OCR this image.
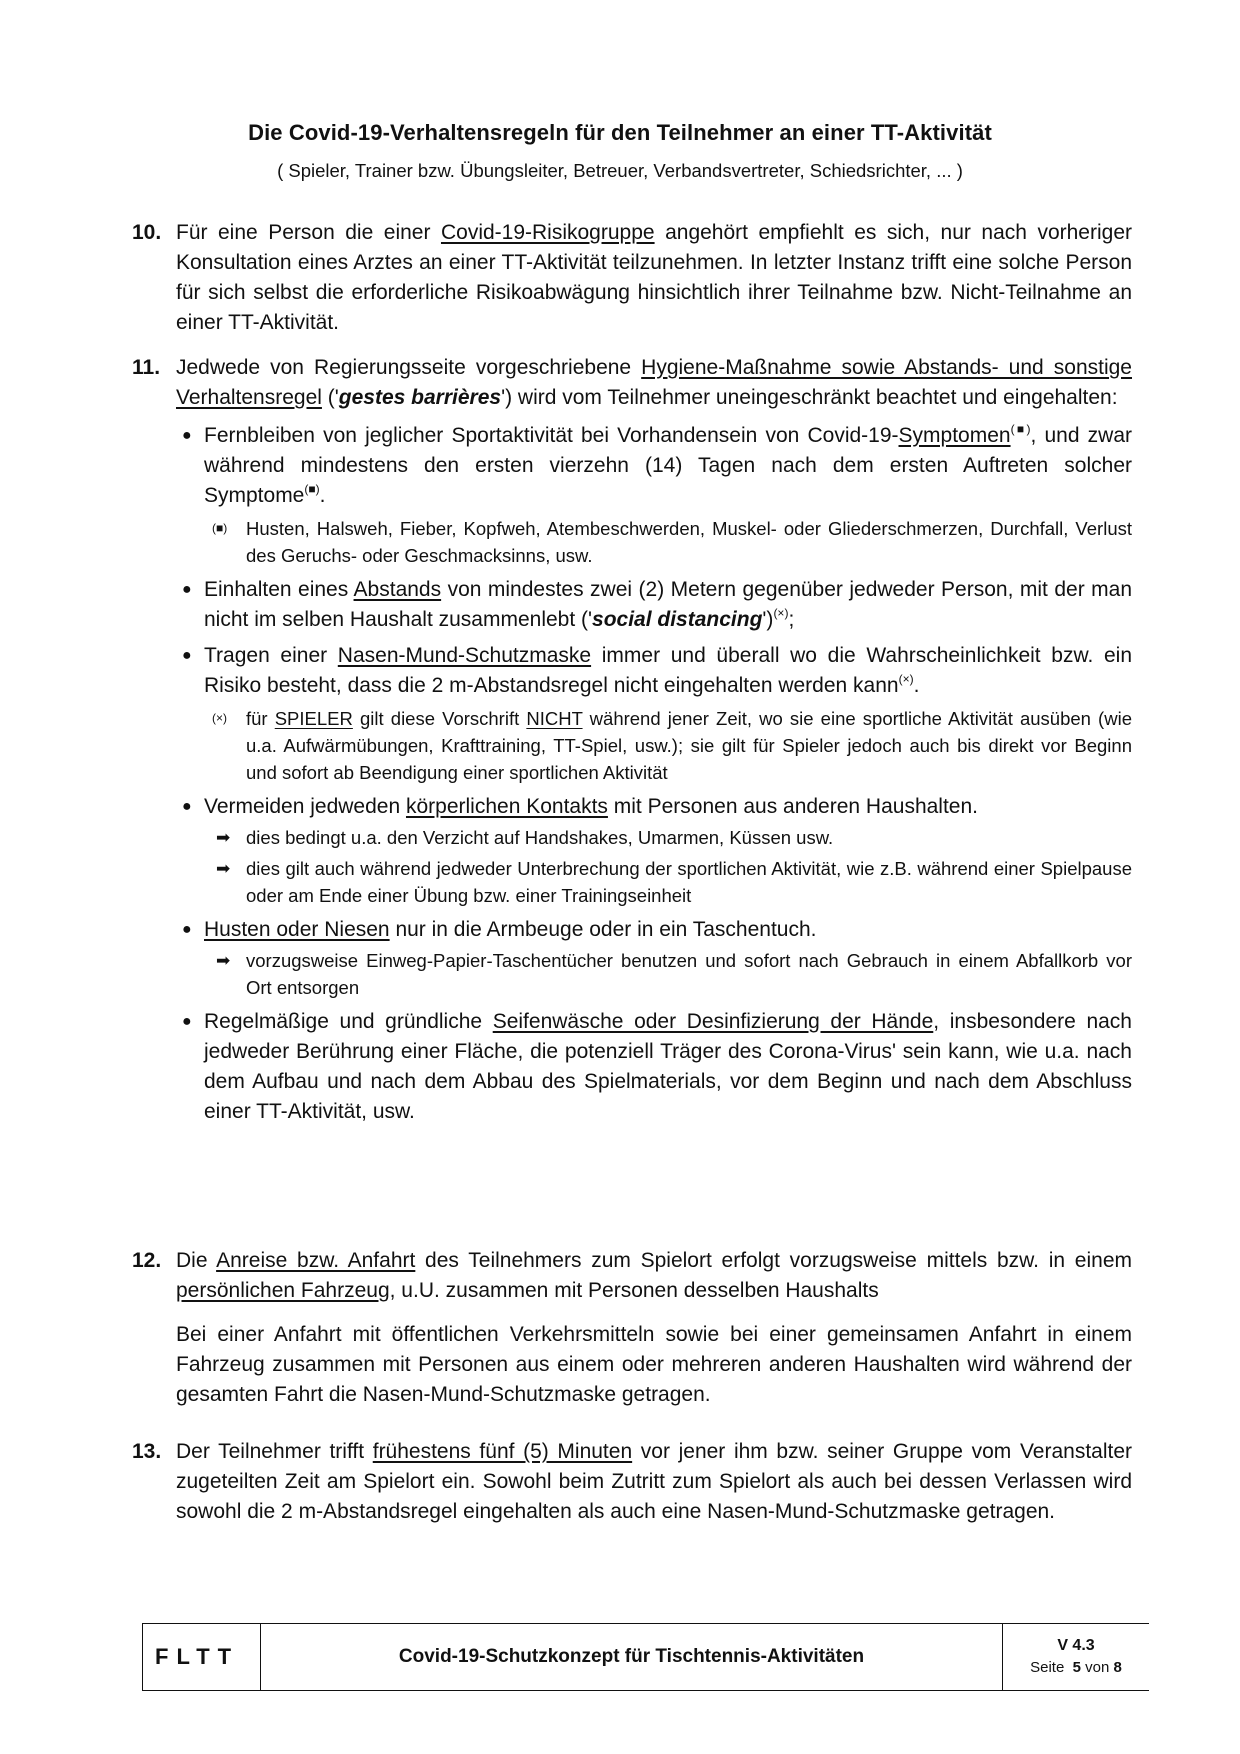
Die Covid-19-Verhaltensregeln für den Teilnehmer an einer TT-Aktivität
( Spieler, Trainer bzw. Übungsleiter, Betreuer, Verbandsvertreter, Schiedsrichter, ... )
10. Für eine Person die einer Covid-19-Risikogruppe angehört empfiehlt es sich, nur nach vorheriger Konsultation eines Arztes an einer TT-Aktivität teilzunehmen. In letzter Instanz trifft eine solche Person für sich selbst die erforderliche Risikoabwägung hinsichtlich ihrer Teilnahme bzw. Nicht-Teilnahme an einer TT-Aktivität.

11. Jedwede von Regierungsseite vorgeschriebene Hygiene-Maßnahme sowie Abstands- und sonstige Verhaltensregel ('gestes barrières') wird vom Teilnehmer uneingeschränkt beachtet und eingehalten:

● Fernbleiben von jeglicher Sportaktivität bei Vorhandensein von Covid-19-Symptomen(■), und zwar während mindestens den ersten vierzehn (14) Tagen nach dem ersten Auftreten solcher Symptome(■).
(■) Husten, Halsweh, Fieber, Kopfweh, Atembeschwerden, Muskel- oder Gliederschmerzen, Durchfall, Verlust des Geruchs- oder Geschmacksinns, usw.
● Einhalten eines Abstands von mindestes zwei (2) Metern gegenüber jedweder Person, mit der man nicht im selben Haushalt zusammenlebt ('social distancing')(×);
● Tragen einer Nasen-Mund-Schutzmaske immer und überall wo die Wahrscheinlichkeit bzw. ein Risiko besteht, dass die 2 m-Abstandsregel nicht eingehalten werden kann(×).
(×) für SPIELER gilt diese Vorschrift NICHT während jener Zeit, wo sie eine sportliche Aktivität ausüben (wie u.a. Aufwärmübungen, Krafttraining, TT-Spiel, usw.); sie gilt für Spieler jedoch auch bis direkt vor Beginn und sofort ab Beendigung einer sportlichen Aktivität
● Vermeiden jedweden körperlichen Kontakts mit Personen aus anderen Haushalten.
➡ dies bedingt u.a. den Verzicht auf Handshakes, Umarmen, Küssen usw.
➡ dies gilt auch während jedweder Unterbrechung der sportlichen Aktivität, wie z.B. während einer Spielpause oder am Ende einer Übung bzw. einer Trainingseinheit
● Husten oder Niesen nur in die Armbeuge oder in ein Taschentuch.
➡ vorzugsweise Einweg-Papier-Taschentücher benutzen und sofort nach Gebrauch in einem Abfallkorb vor Ort entsorgen
● Regelmäßige und gründliche Seifenwäsche oder Desinfizierung der Hände, insbesondere nach jedweder Berührung einer Fläche, die potenziell Träger des Corona-Virus' sein kann, wie u.a. nach dem Aufbau und nach dem Abbau des Spielmaterials, vor dem Beginn und nach dem Abschluss einer TT-Aktivität, usw.
12. Die Anreise bzw. Anfahrt des Teilnehmers zum Spielort erfolgt vorzugsweise mittels bzw. in einem persönlichen Fahrzeug, u.U. zusammen mit Personen desselben Haushalts

Bei einer Anfahrt mit öffentlichen Verkehrsmitteln sowie bei einer gemeinsamen Anfahrt in einem Fahrzeug zusammen mit Personen aus einem oder mehreren anderen Haushalten wird während der gesamten Fahrt die Nasen-Mund-Schutzmaske getragen.

13. Der Teilnehmer trifft frühestens fünf (5) Minuten vor jener ihm bzw. seiner Gruppe vom Veranstalter zugeteilten Zeit am Spielort ein. Sowohl beim Zutritt zum Spielort als auch bei dessen Verlassen wird sowohl die 2 m-Abstandsregel eingehalten als auch eine Nasen-Mund-Schutzmaske getragen.

FLTT	Covid-19-Schutzkonzept für Tischtennis-Aktivitäten
V 4.3
Seite 5 von 8
